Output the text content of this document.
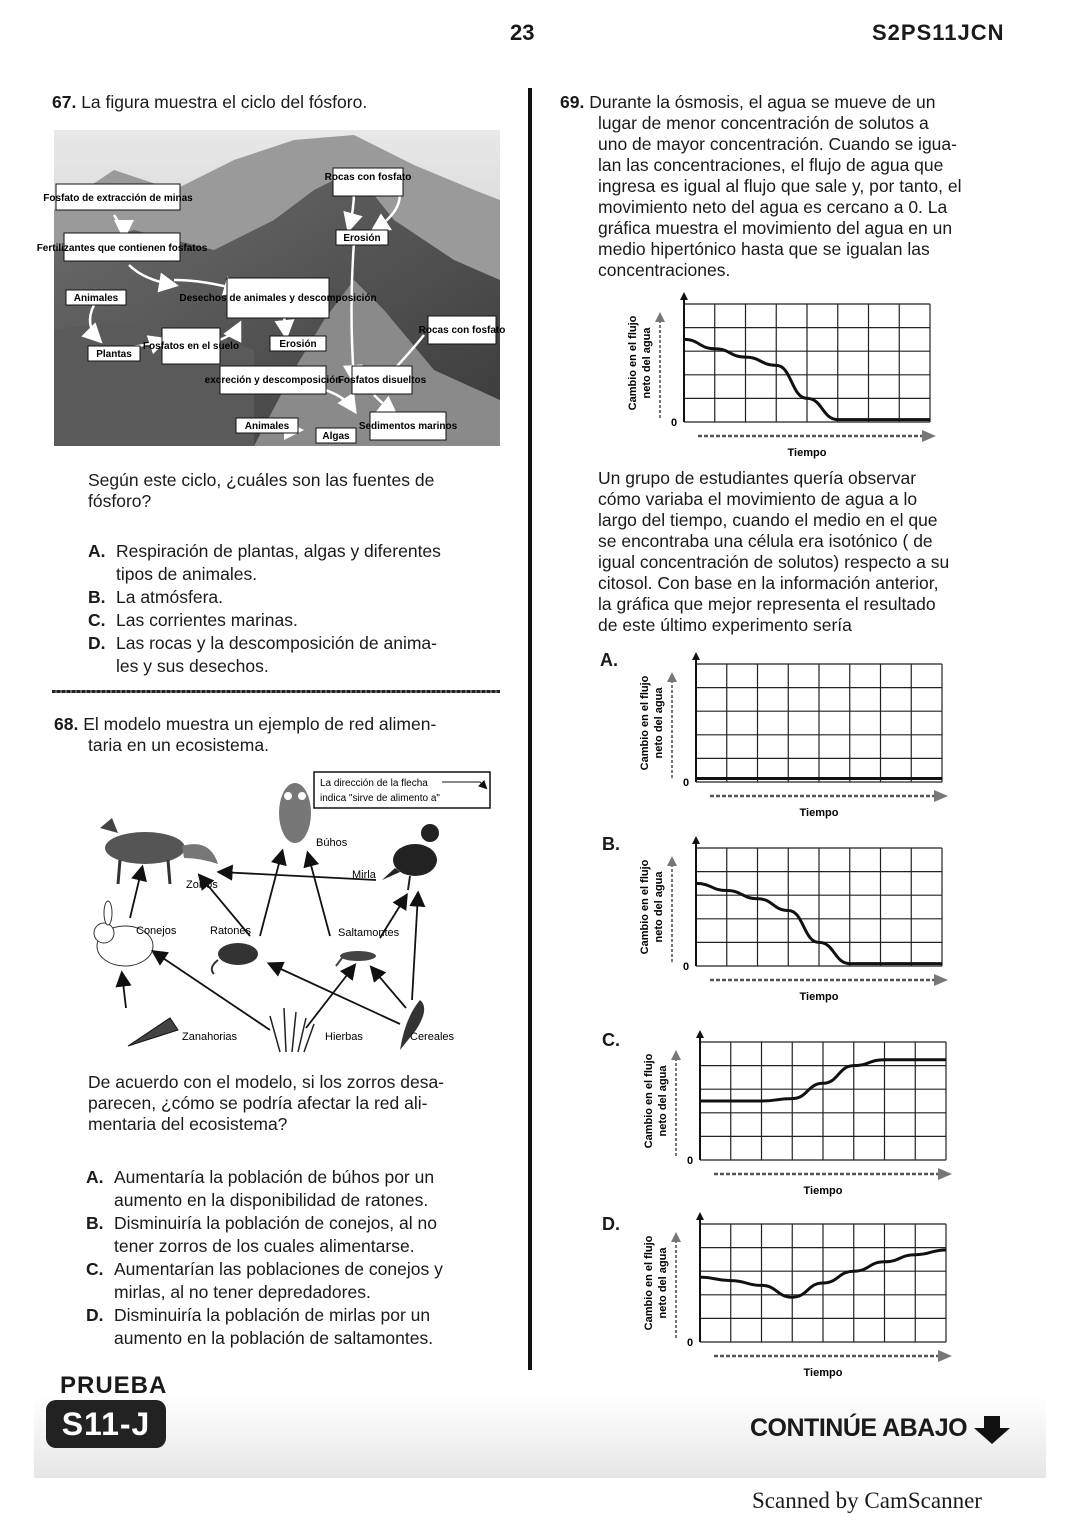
23	S2PS11JCN
67. La figura muestra el ciclo del fósforo.
Rocas con fosfato
Fosfato de extracción de minas
Erosión
Fertilizantes que contienen fosfatos
Animales	Desechos de animales y descomposición
Rocas con fosfato
Fosfatos en el suelo
Plantas
Erosión
excreción y descomposición
Fosfatos disueltos
Sedimentos marinos
Animales
Algas
Según este ciclo, ¿cuáles son las fuentes de fósforo?
A. Respiración de plantas, algas y diferentes
tipos de animales.
B. La atmósfera.
C. Las corrientes marinas.
D. Las rocas y la descomposición de anima-
les y sus desechos.
68. El modelo muestra un ejemplo de red alimen-
taria en un ecosistema.
La dirección de la flecha
indica "sirve de alimento a"
Búhos
Mirla
Zorros
Conejos	Ratones	Saltamontes
Zanahorias	Hierbas	Cereales
De acuerdo con el modelo, si los zorros desa-
parecen, ¿cómo se podría afectar la red ali-
mentaria del ecosistema?
A. Aumentaría la población de búhos por un
aumento en la disponibilidad de ratones.
B. Disminuiría la población de conejos, al no
tener zorros de los cuales alimentarse.
C. Aumentarían las poblaciones de conejos y
mirlas, al no tener depredadores.
D. Disminuiría la población de mirlas por un
aumento en la población de saltamontes.
69. Durante la ósmosis, el agua se mueve de un
lugar de menor concentración de solutos a
uno de mayor concentración. Cuando se igua-
lan las concentraciones, el flujo de agua que
ingresa es igual al flujo que sale y, por tanto, el
movimiento neto del agua es cercano a 0. La
gráfica muestra el movimiento del agua en un
medio hipertónico hasta que se igualan las
concentraciones.
0
Tiempo
Cambio en el flujo neto del agua
Un grupo de estudiantes quería observar
cómo variaba el movimiento de agua a lo
largo del tiempo, cuando el medio en el que
se encontraba una célula era isotónico ( de
igual concentración de solutos) respecto a su
citosol. Con base en la información anterior,
la gráfica que mejor representa el resultado
de este último experimento sería
A.
0
Tiempo
Cambio en el flujo neto del agua
B.
0
Tiempo
Cambio en el flujo neto del agua
C.
0
Tiempo
Cambio en el flujo neto del agua
D.
0
Tiempo
Cambio en el flujo neto del agua
PRUEBA
S11-J	CONTINÚE ABAJO
Scanned by CamScanner
